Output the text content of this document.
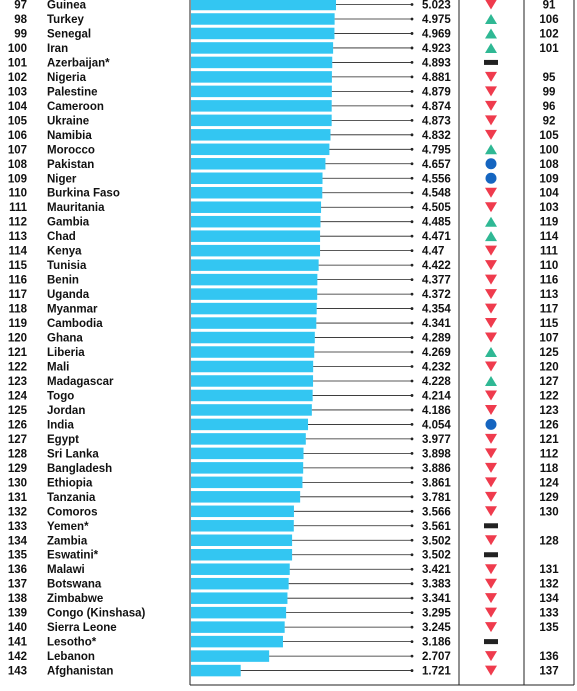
97 Guinea	5.023	91
98 Turkey	4.975	106
99 Senegal	4.969	102
100 Iran	4.923	101
101 Azerbaijan*	4.893
102 Nigeria	4.881	95
103 Palestine	4.879	99
104 Cameroon	4.874	96
105 Ukraine	4.873	92
106 Namibia	4.832	105
107 Morocco	4.795	100
108 Pakistan	4.657	108
109 Niger	4.556	109
110 Burkina Faso	4.548	104
111 Mauritania	4.505	103
112 Gambia	4.485	119
113 Chad	4.471	114
114 Kenya	4.47	111
115 Tunisia	4.422	110
116 Benin	4.377	116
117 Uganda	4.372	113
118 Myanmar	4.354	117
119 Cambodia	4.341	115
120 Ghana	4.289	107
121 Liberia	4.269	125
122 Mali	4.232	120
123 Madagascar	4.228	127
124 Togo	4.214	122
125 Jordan	4.186	123
126 India	4.054	126
127 Egypt	3.977	121
128 Sri Lanka	3.898	112
129 Bangladesh	3.886	118
130 Ethiopia	3.861	124
131 Tanzania	3.781	129
132 Comoros	3.566	130
133 Yemen*	3.561
134 Zambia	3.502	128
135 Eswatini*	3.502
136 Malawi	3.421	131
137 Botswana	3.383	132
138 Zimbabwe	3.341	134
139 Congo (Kinshasa)	3.295	133
140 Sierra Leone	3.245	135
141 Lesotho*	3.186
142 Lebanon	2.707	136
143 Afghanistan	1.721	137
